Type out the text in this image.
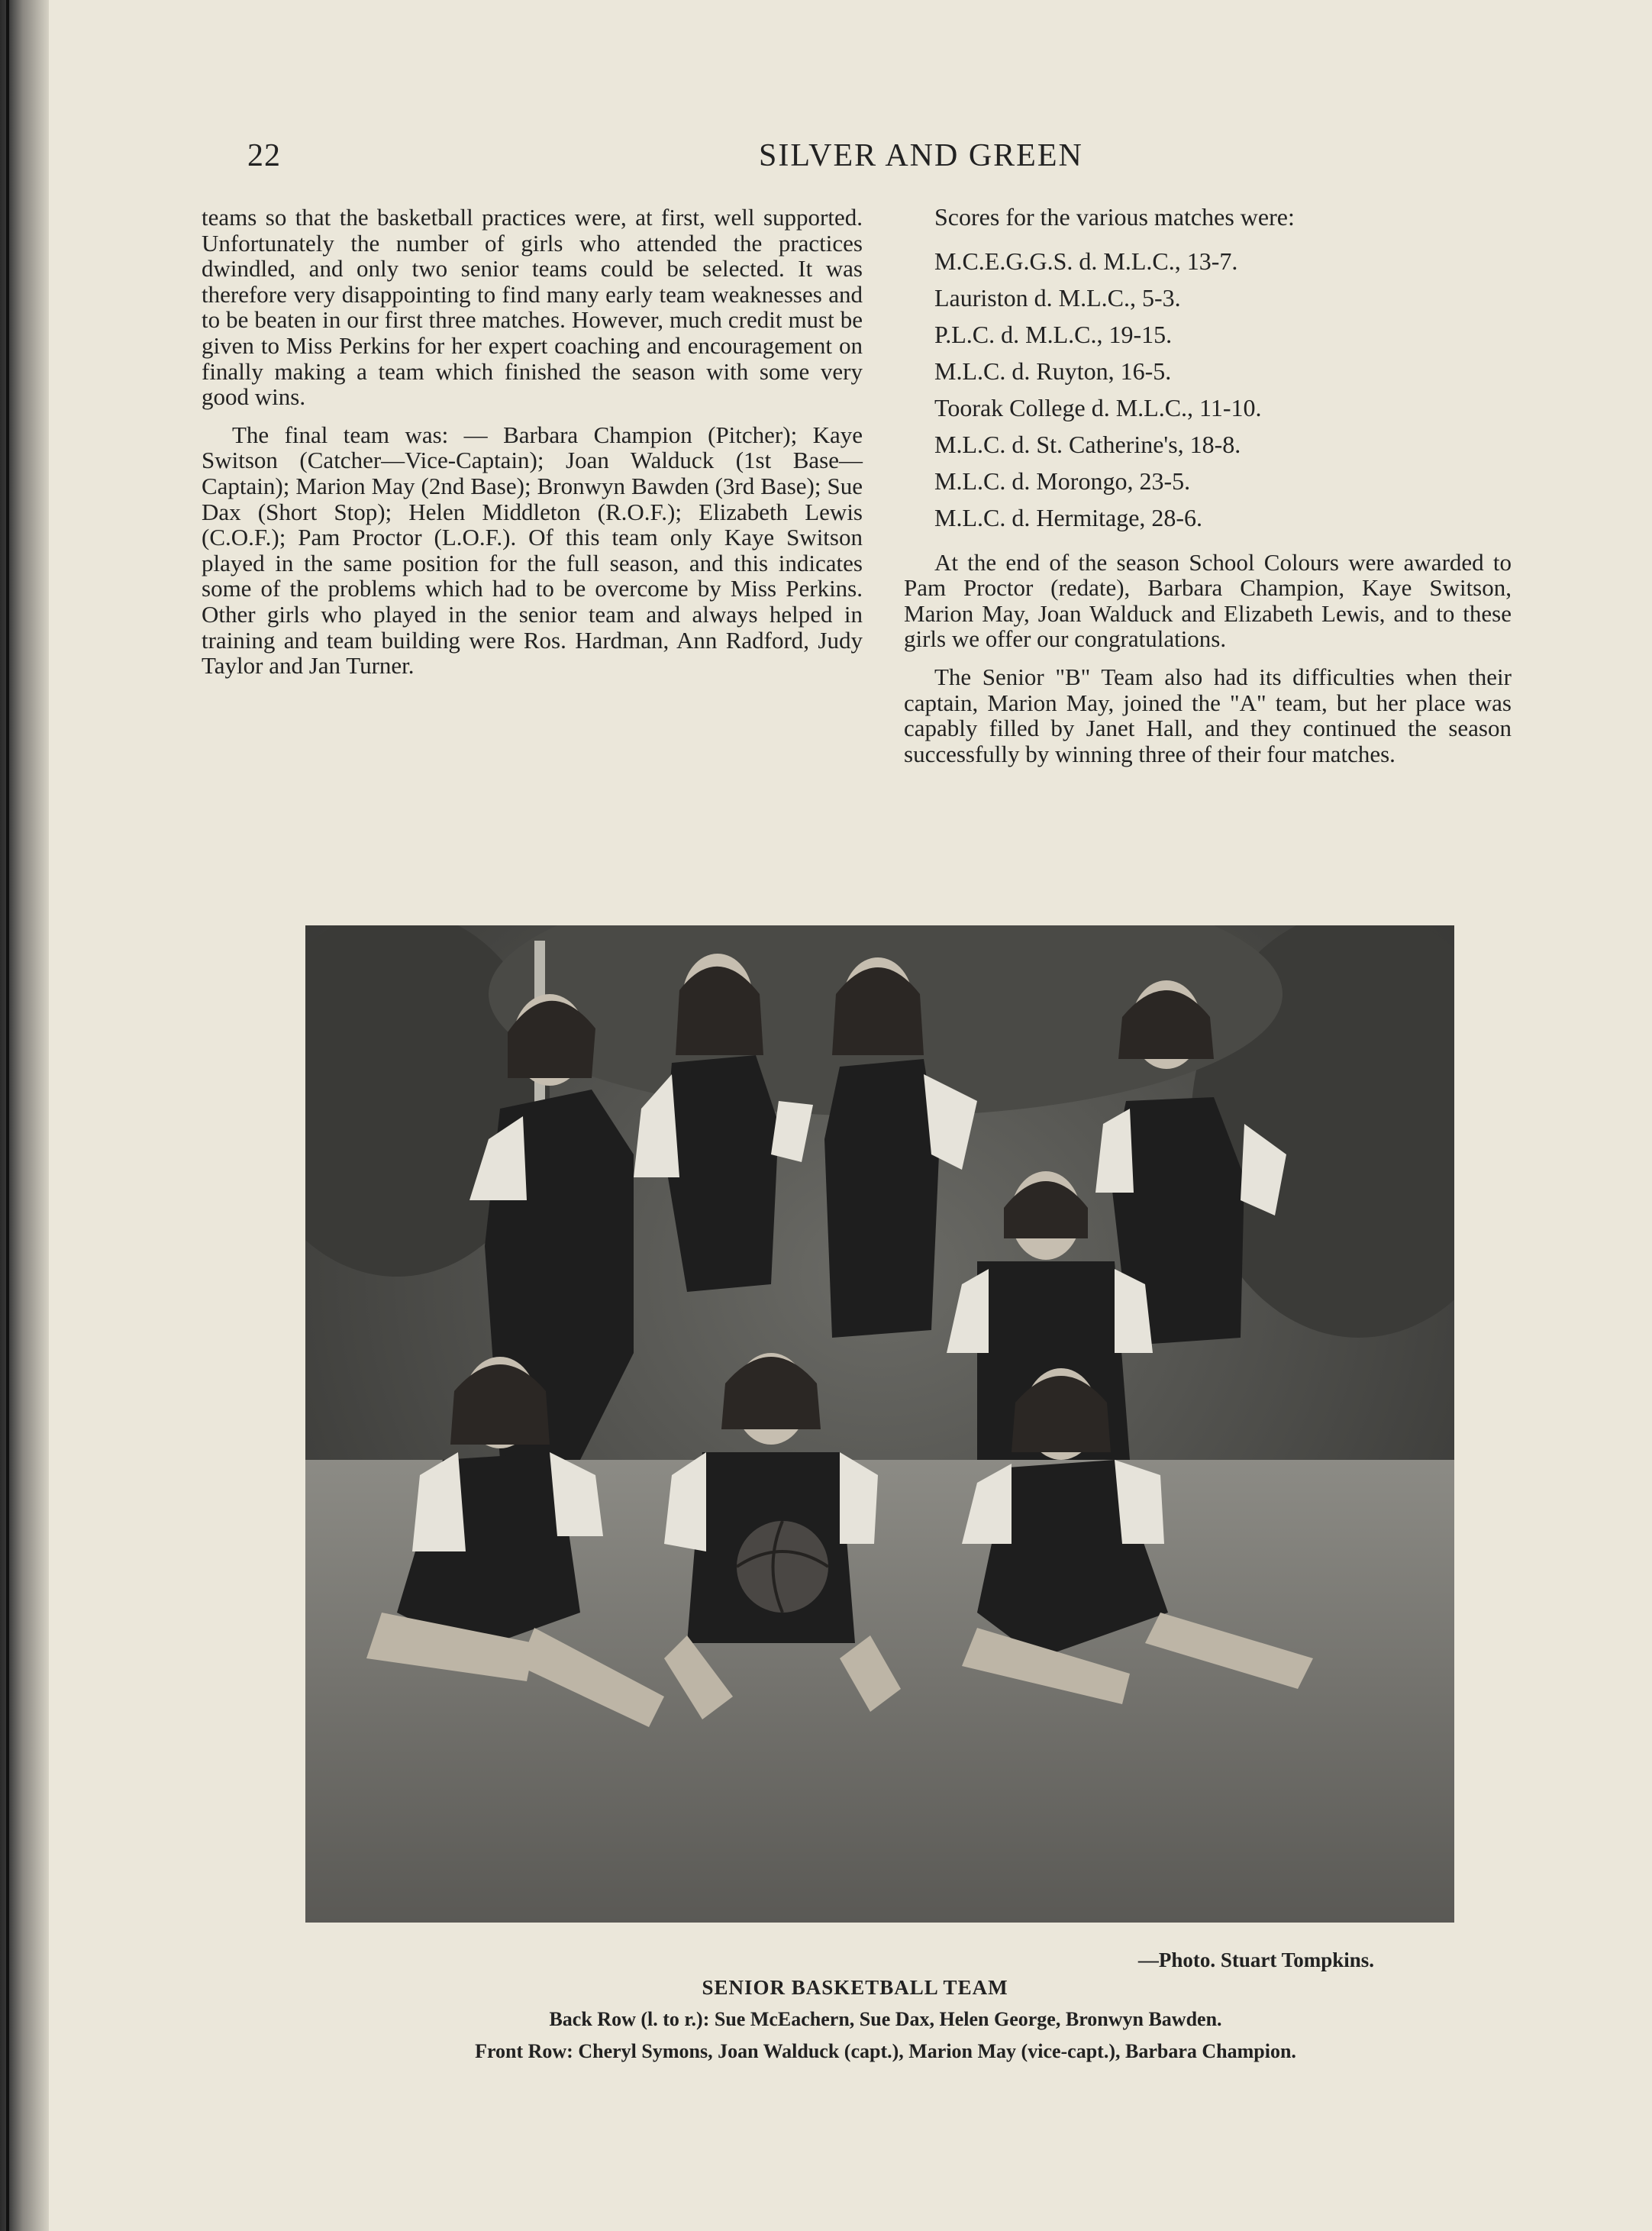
22	SILVER AND GREEN

teams so that the basketball practices were, at first, well supported. Unfortunately the number of girls who attended the practices dwindled, and only two senior teams could be selected. It was therefore very disappointing to find many early team weaknesses and to be beaten in our first three matches. However, much credit must be given to Miss Perkins for her expert coaching and encouragement on finally making a team which finished the season with some very good wins.

The final team was: — Barbara Champion (Pitcher); Kaye Switson (Catcher—Vice-Captain); Joan Walduck (1st Base—Captain); Marion May (2nd Base); Bronwyn Bawden (3rd Base); Sue Dax (Short Stop); Helen Middleton (R.O.F.); Elizabeth Lewis (C.O.F.); Pam Proctor (L.O.F.). Of this team only Kaye Switson played in the same position for the full season, and this indicates some of the problems which had to be overcome by Miss Perkins. Other girls who played in the senior team and always helped in training and team building were Ros. Hardman, Ann Radford, Judy Taylor and Jan Turner.

Scores for the various matches were:

M.C.E.G.G.S. d. M.L.C., 13-7.
Lauriston d. M.L.C., 5-3.
P.L.C. d. M.L.C., 19-15.
M.L.C. d. Ruyton, 16-5.
Toorak College d. M.L.C., 11-10.
M.L.C. d. St. Catherine's, 18-8.
M.L.C. d. Morongo, 23-5.
M.L.C. d. Hermitage, 28-6.

At the end of the season School Colours were awarded to Pam Proctor (redate), Barbara Champion, Kaye Switson, Marion May, Joan Walduck and Elizabeth Lewis, and to these girls we offer our congratulations.

The Senior "B" Team also had its difficulties when their captain, Marion May, joined the "A" team, but her place was capably filled by Janet Hall, and they continued the season successfully by winning three of their four matches.

—Photo. Stuart Tompkins.
SENIOR BASKETBALL TEAM
Back Row (l. to r.): Sue McEachern, Sue Dax, Helen George, Bronwyn Bawden.
Front Row: Cheryl Symons, Joan Walduck (capt.), Marion May (vice-capt.), Barbara Champion.
